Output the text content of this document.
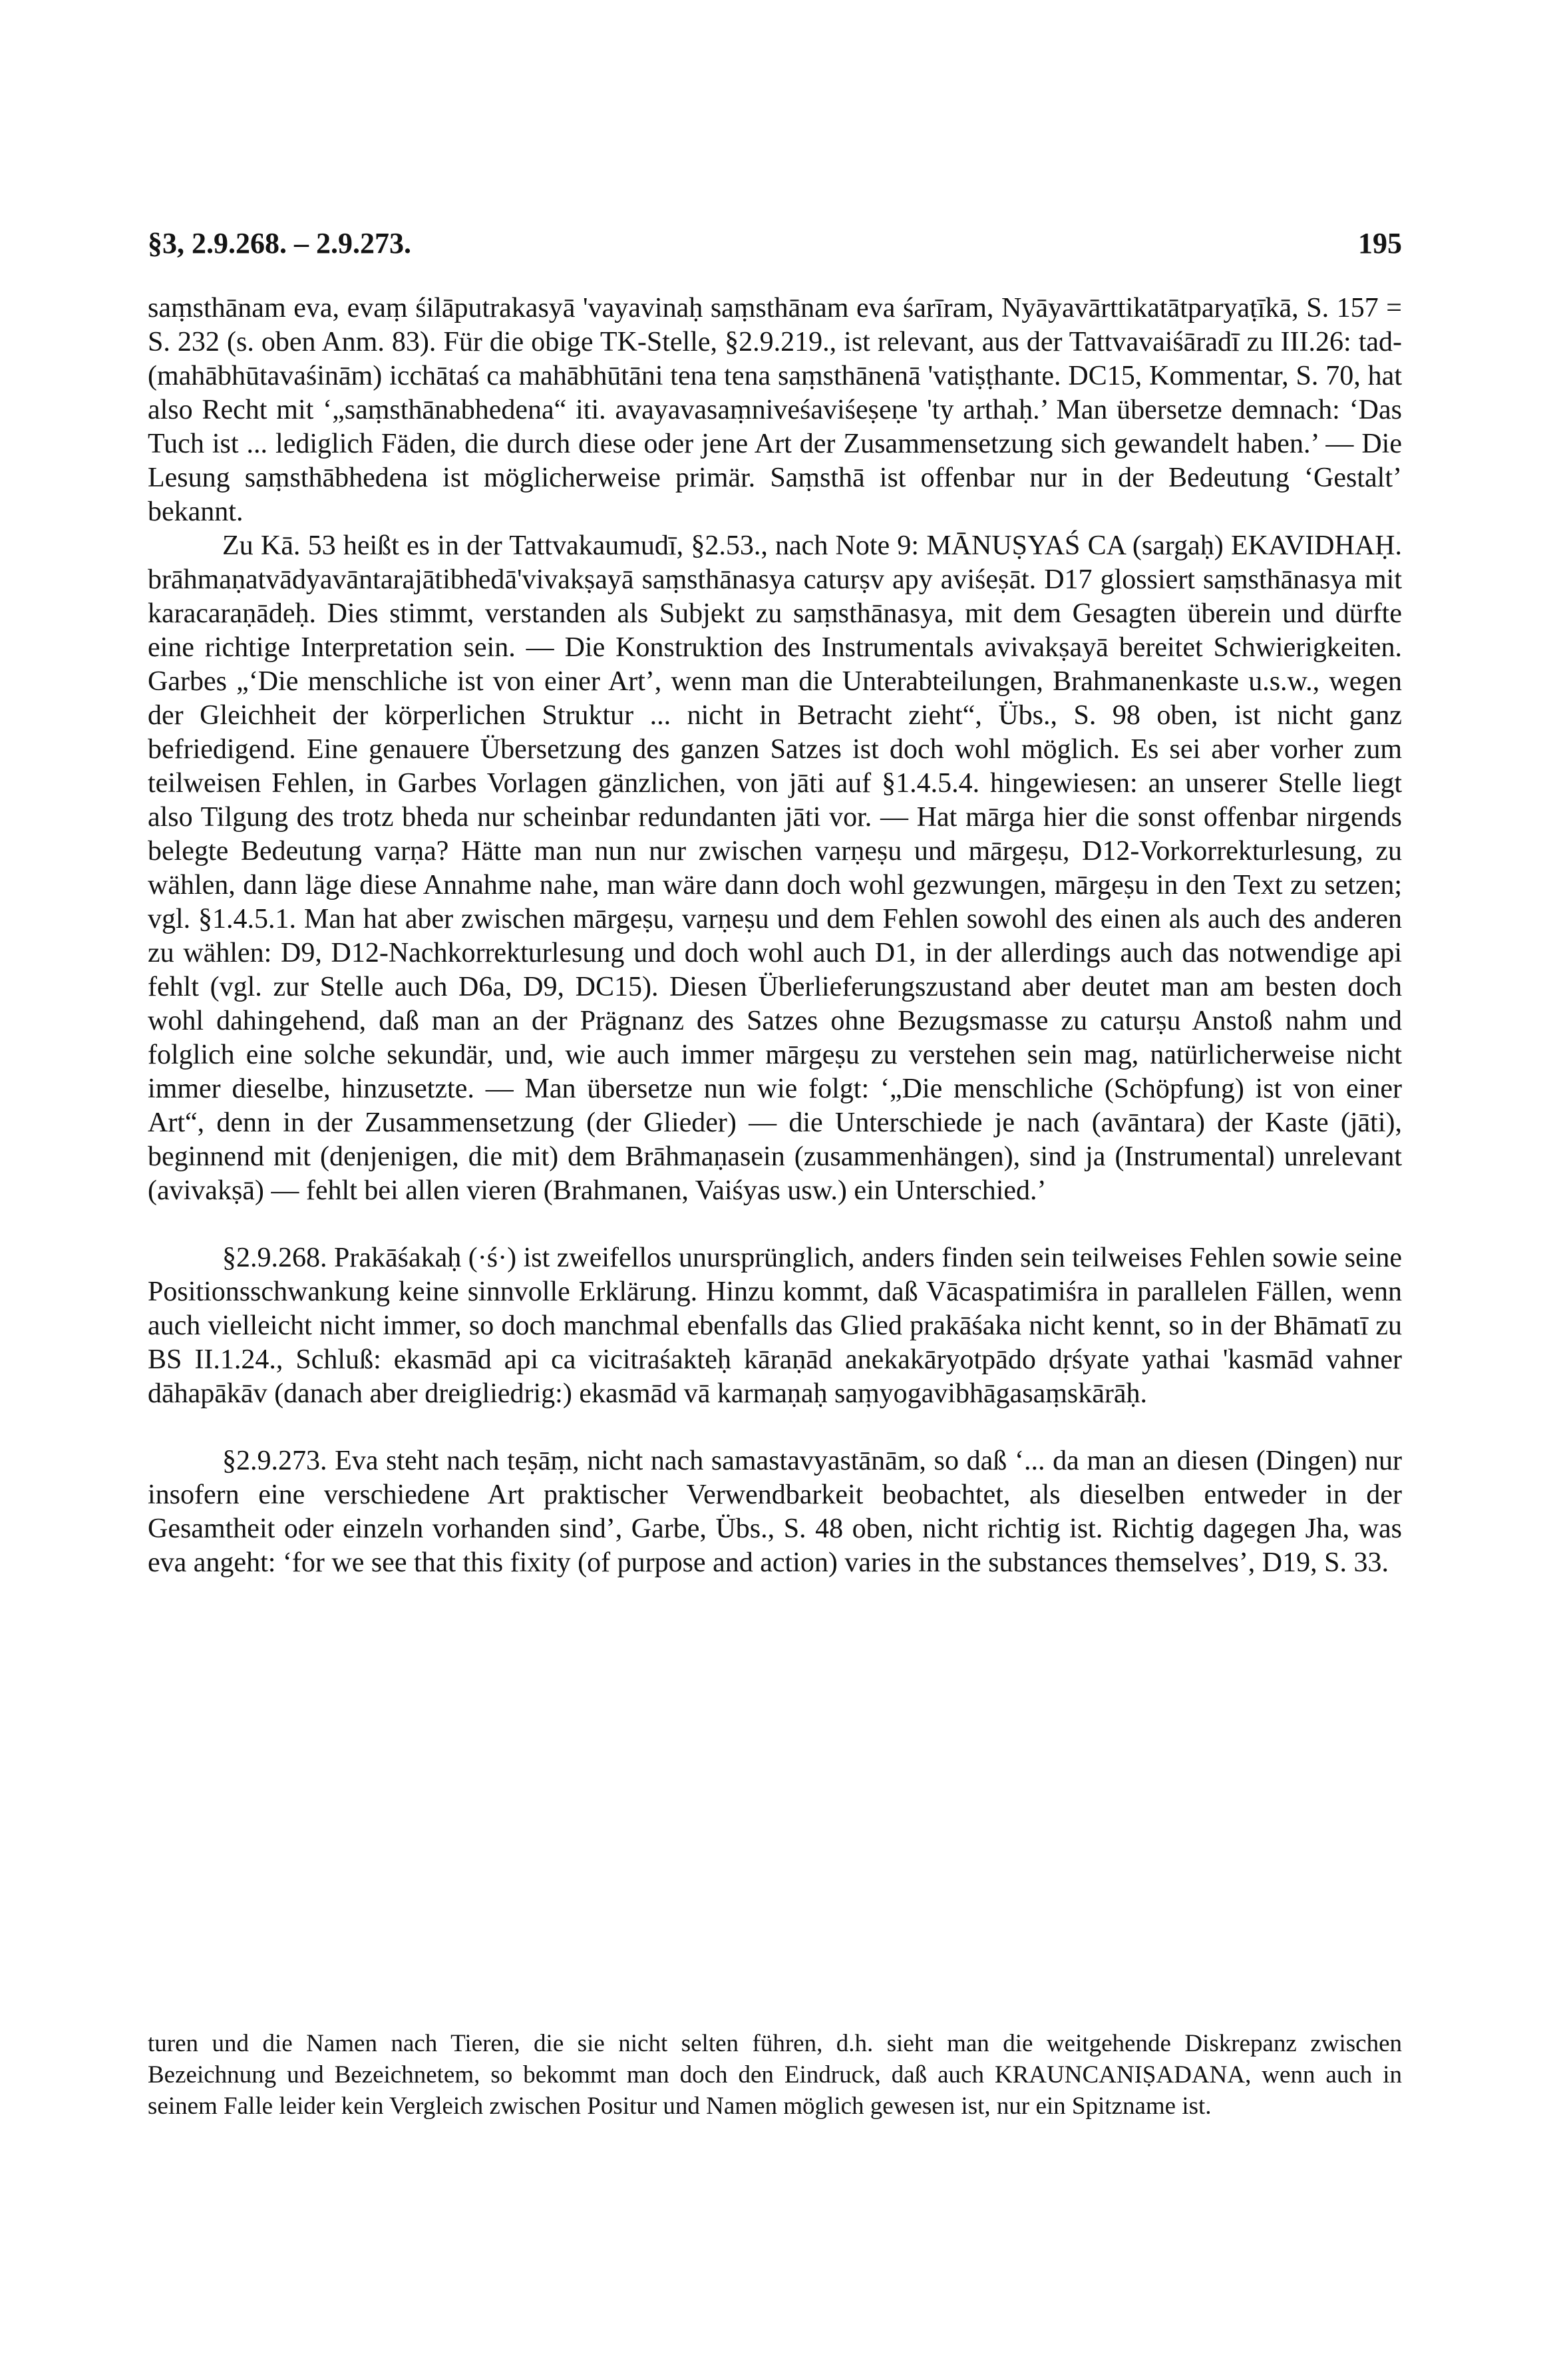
§3, 2.9.268. – 2.9.273.	195

saṃsthānam eva, evaṃ śilāputrakasyā 'vayavinaḥ saṃsthānam eva śarīram, Nyāyavārttikatātparyaṭīkā, S. 157 = S. 232 (s. oben Anm. 83). Für die obige TK-Stelle, §2.9.219., ist relevant, aus der Tattvavaiśāradī zu III.26: tad-(mahābhūtavaśinām) icchātaś ca mahābhūtāni tena tena saṃsthānenā 'vatiṣṭhante. DC15, Kommentar, S. 70, hat also Recht mit ‘„saṃsthānabhedena“ iti. avayavasaṃniveśaviśeṣeṇe 'ty arthaḥ.’ Man übersetze demnach: ‘Das Tuch ist ... lediglich Fäden, die durch diese oder jene Art der Zusammensetzung sich gewandelt haben.’ — Die Lesung saṃsthābhedena ist möglicherweise primär. Saṃsthā ist offenbar nur in der Bedeutung ‘Gestalt’ bekannt.

Zu Kā. 53 heißt es in der Tattvakaumudī, §2.53., nach Note 9: MĀNUṢYAŚ CA (sargaḥ) EKAVIDHAḤ. brāhmaṇatvādyavāntarajātibhedā'vivakṣayā saṃsthānasya caturṣv apy aviśeṣāt. D17 glossiert saṃsthānasya mit karacaraṇādeḥ. Dies stimmt, verstanden als Subjekt zu saṃsthānasya, mit dem Gesagten überein und dürfte eine richtige Interpretation sein. — Die Konstruktion des Instrumentals avivakṣayā bereitet Schwierigkeiten. Garbes „‘Die menschliche ist von einer Art’, wenn man die Unterabteilungen, Brahmanenkaste u.s.w., wegen der Gleichheit der körperlichen Struktur ... nicht in Betracht zieht“, Übs., S. 98 oben, ist nicht ganz befriedigend. Eine genauere Übersetzung des ganzen Satzes ist doch wohl möglich. Es sei aber vorher zum teilweisen Fehlen, in Garbes Vorlagen gänzlichen, von jāti auf §1.4.5.4. hingewiesen: an unserer Stelle liegt also Tilgung des trotz bheda nur scheinbar redundanten jāti vor. — Hat mārga hier die sonst offenbar nirgends belegte Bedeutung varṇa? Hätte man nun nur zwischen varṇeṣu und mārgeṣu, D12-Vorkorrekturlesung, zu wählen, dann läge diese Annahme nahe, man wäre dann doch wohl gezwungen, mārgeṣu in den Text zu setzen; vgl. §1.4.5.1. Man hat aber zwischen mārgeṣu, varṇeṣu und dem Fehlen sowohl des einen als auch des anderen zu wählen: D9, D12-Nachkorrekturlesung und doch wohl auch D1, in der allerdings auch das notwendige api fehlt (vgl. zur Stelle auch D6a, D9, DC15). Diesen Überlieferungszustand aber deutet man am besten doch wohl dahingehend, daß man an der Prägnanz des Satzes ohne Bezugsmasse zu caturṣu Anstoß nahm und folglich eine solche sekundär, und, wie auch immer mārgeṣu zu verstehen sein mag, natürlicherweise nicht immer dieselbe, hinzusetzte. — Man übersetze nun wie folgt: ‘„Die menschliche (Schöpfung) ist von einer Art“, denn in der Zusammensetzung (der Glieder) — die Unterschiede je nach (avāntara) der Kaste (jāti), beginnend mit (denjenigen, die mit) dem Brāhmaṇasein (zusammenhängen), sind ja (Instrumental) unrelevant (avivakṣā) — fehlt bei allen vieren (Brahmanen, Vaiśyas usw.) ein Unterschied.’

§2.9.268. Prakāśakaḥ (·ś·) ist zweifellos unursprünglich, anders finden sein teilweises Fehlen sowie seine Positionsschwankung keine sinnvolle Erklärung. Hinzu kommt, daß Vācaspatimiśra in parallelen Fällen, wenn auch vielleicht nicht immer, so doch manchmal ebenfalls das Glied prakāśaka nicht kennt, so in der Bhāmatī zu BS II.1.24., Schluß: ekasmād api ca vicitraśakteḥ kāraṇād anekakāryotpādo dṛśyate yathai 'kasmād vahner dāhapākāv (danach aber dreigliedrig:) ekasmād vā karmaṇaḥ saṃyogavibhāgasaṃskārāḥ.

§2.9.273. Eva steht nach teṣāṃ, nicht nach samastavyastānām, so daß ‘... da man an diesen (Dingen) nur insofern eine verschiedene Art praktischer Verwendbarkeit beobachtet, als dieselben entweder in der Gesamtheit oder einzeln vorhanden sind’, Garbe, Übs., S. 48 oben, nicht richtig ist. Richtig dagegen Jha, was eva angeht: ‘for we see that this fixity (of purpose and action) varies in the substances themselves’, D19, S. 33.

turen und die Namen nach Tieren, die sie nicht selten führen, d.h. sieht man die weitgehende Diskrepanz zwischen Bezeichnung und Bezeichnetem, so bekommt man doch den Eindruck, daß auch KRAUNCANIṢADANA, wenn auch in seinem Falle leider kein Vergleich zwischen Positur und Namen möglich gewesen ist, nur ein Spitzname ist.
